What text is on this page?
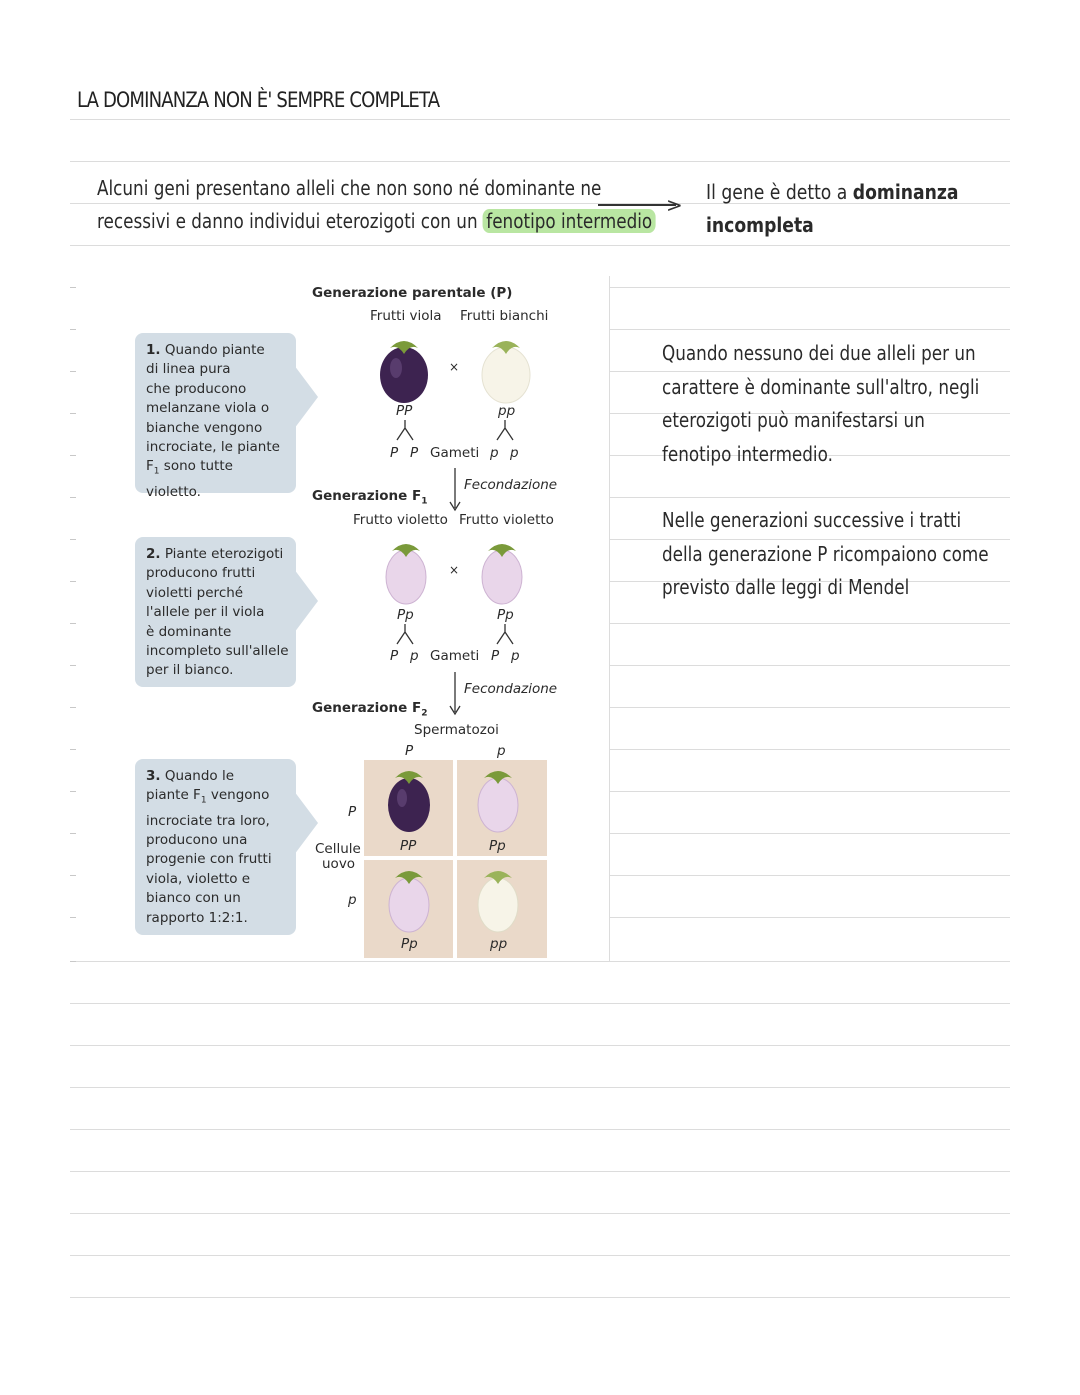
LA DOMINANZA NON È' SEMPRE COMPLETA
Alcuni geni presentano alleli che non sono né dominante ne
recessivi e danno individui eterozigoti con un fenotipo intermedio
>
Il gene è detto a dominanza
incompleta
Quando nessuno dei due alleli per un
carattere è dominante sull'altro, negli
eterozigoti può manifestarsi un
fenotipo intermedio.
Nelle generazioni successive i tratti
della generazione P ricompaiono come
previsto dalle leggi di Mendel
1. Quando piante
di linea pura
che producono
melanzane viola o
bianche vengono
incrociate, le piante
$F_1$ sono tutte
violetto.
2. Piante eterozigoti
producono frutti
violetti perché
l'allele per il viola
è dominante
incompleto sull'allele
per il bianco.
3. Quando le
piante $F_1$ vengono
incrociate tra loro,
producono una
progenie con frutti
viola, violetto e
bianco con un
rapporto 1:2:1.
Generazione parentale (P)
Frutti viola Frutti bianchi
×
PP	pp
P P Gameti p p
Fecondazione
Generazione $F_1$
Frutto violetto Frutto violetto
×
Pp	Pp
P p Gameti P p
Fecondazione
Generazione $F_2$
Spermatozoi
P	p
P
Cellule
uovo
p
PP	Pp
Pp	pp
